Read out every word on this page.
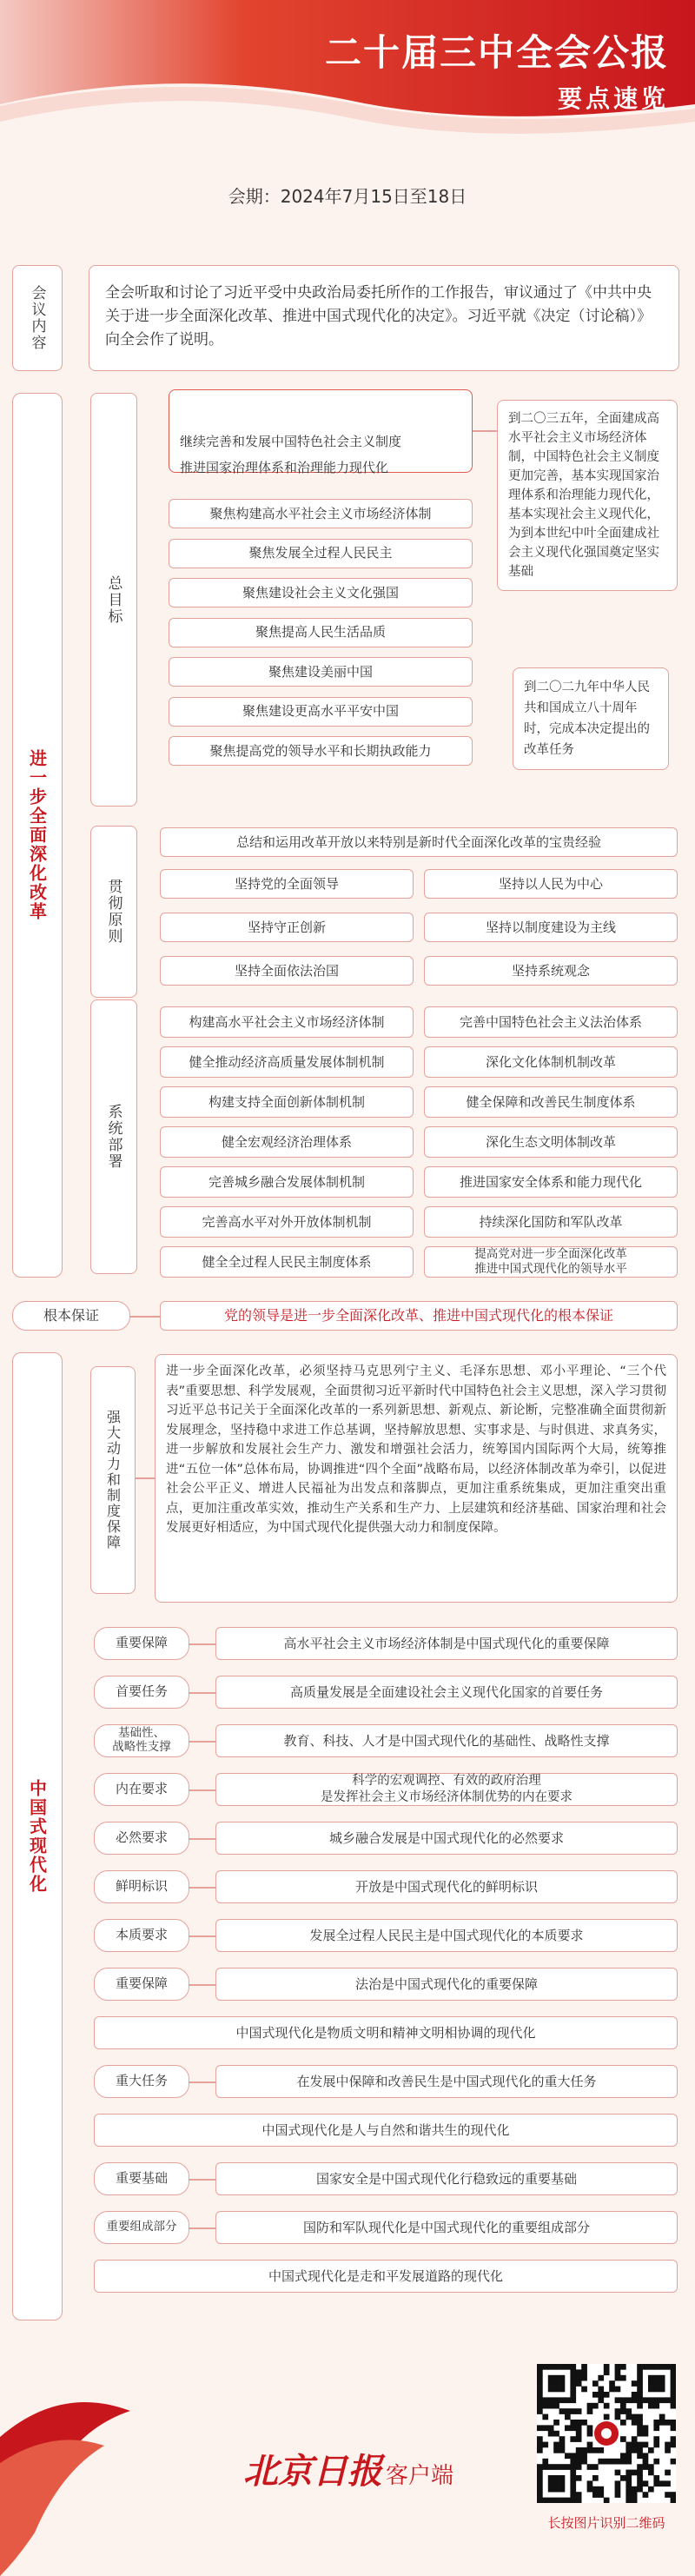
二十届三中全会公报
要点速览
会期：2024年7月15日至18日
会议内容	全会听取和讨论了习近平受中央政治局委托所作的工作报告，审议通过了《中共中央关于进一步全面深化改革、推进中国式现代化的决定》。习近平就《决定（讨论稿）》向全会作了说明。
进一步全面深化改革
总目标

继续完善和发展中国特色社会主义制度
推进国家治理体系和治理能力现代化

到二〇三五年，全面建成高水平社会主义市场经济体制，中国特色社会主义制度更加完善，基本实现国家治理体系和治理能力现代化，基本实现社会主义现代化，为到本世纪中叶全面建成社会主义现代化强国奠定坚实基础
到二〇二九年中华人民共和国成立八十周年时，完成本决定提出的改革任务
贯彻原则
总结和运用改革开放以来特别是新时代全面深化改革的宝贵经验
系统部署
根本保证	党的领导是进一步全面深化改革、推进中国式现代化的根本保证
中国式现代化
强大动力和制度保障
进一步全面深化改革，必须坚持马克思列宁主义、毛泽东思想、邓小平理论、“三个代表”重要思想、科学发展观，全面贯彻习近平新时代中国特色社会主义思想，深入学习贯彻习近平总书记关于全面深化改革的一系列新思想、新观点、新论断，完整准确全面贯彻新发展理念，坚持稳中求进工作总基调，坚持解放思想、实事求是、与时俱进、求真务实，进一步解放和发展社会生产力、激发和增强社会活力，统筹国内国际两个大局，统筹推进“五位一体”总体布局，协调推进“四个全面”战略布局，以经济体制改革为牵引，以促进社会公平正义、增进人民福祉为出发点和落脚点，更加注重系统集成，更加注重突出重点，更加注重改革实效，推动生产关系和生产力、上层建筑和经济基础、国家治理和社会发展更好相适应，为中国式现代化提供强大动力和制度保障。
北京日报 客户端
长按图片识别二维码
聚焦构建高水平社会主义市场经济体制
聚焦发展全过程人民民主
聚焦建设社会主义文化强国
聚焦提高人民生活品质
聚焦建设美丽中国
聚焦建设更高水平平安中国
聚焦提高党的领导水平和长期执政能力
坚持党的全面领导	坚持以人民为中心
坚持守正创新	坚持以制度建设为主线
坚持全面依法治国	坚持系统观念
构建高水平社会主义市场经济体制	完善中国特色社会主义法治体系
健全推动经济高质量发展体制机制	深化文化体制机制改革
构建支持全面创新体制机制	健全保障和改善民生制度体系
健全宏观经济治理体系	深化生态文明体制改革
完善城乡融合发展体制机制	推进国家安全体系和能力现代化
完善高水平对外开放体制机制	持续深化国防和军队改革
健全全过程人民民主制度体系	提高党对进一步全面深化改革
推进中国式现代化的领导水平
重要保障	高水平社会主义市场经济体制是中国式现代化的重要保障
首要任务	高质量发展是全面建设社会主义现代化国家的首要任务
基础性、
战略性支撑	教育、科技、人才是中国式现代化的基础性、战略性支撑
内在要求
科学的宏观调控、有效的政府治理
是发挥社会主义市场经济体制优势的内在要求
必然要求	城乡融合发展是中国式现代化的必然要求
鲜明标识	开放是中国式现代化的鲜明标识
本质要求	发展全过程人民民主是中国式现代化的本质要求
重要保障	法治是中国式现代化的重要保障
中国式现代化是物质文明和精神文明相协调的现代化
重大任务	在发展中保障和改善民生是中国式现代化的重大任务
中国式现代化是人与自然和谐共生的现代化
重要基础	国家安全是中国式现代化行稳致远的重要基础
重要组成部分	国防和军队现代化是中国式现代化的重要组成部分
中国式现代化是走和平发展道路的现代化
